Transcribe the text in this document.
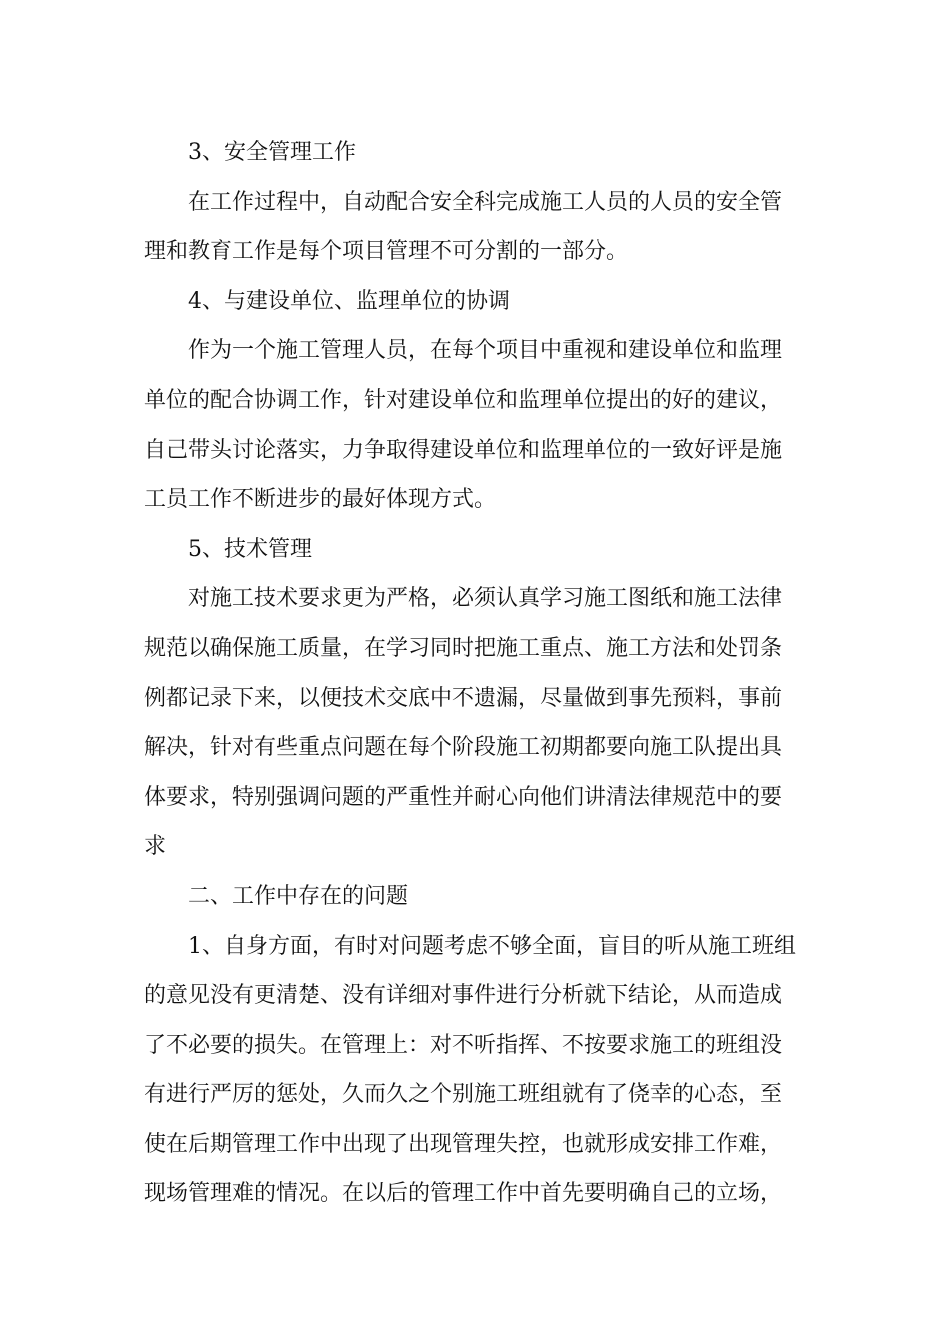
3、安全管理工作
在工作过程中，自动配合安全科完成施工人员的人员的安全管
理和教育工作是每个项目管理不可分割的一部分。
4、与建设单位、监理单位的协调
作为一个施工管理人员，在每个项目中重视和建设单位和监理
单位的配合协调工作，针对建设单位和监理单位提出的好的建议，
自己带头讨论落实，力争取得建设单位和监理单位的一致好评是施
工员工作不断进步的最好体现方式。
5、技术管理
对施工技术要求更为严格，必须认真学习施工图纸和施工法律
规范以确保施工质量，在学习同时把施工重点、施工方法和处罚条
例都记录下来，以便技术交底中不遗漏，尽量做到事先预料，事前
解决，针对有些重点问题在每个阶段施工初期都要向施工队提出具
体要求，特别强调问题的严重性并耐心向他们讲清法律规范中的要
求
二、工作中存在的问题
1、自身方面，有时对问题考虑不够全面，盲目的听从施工班组
的意见没有更清楚、没有详细对事件进行分析就下结论，从而造成
了不必要的损失。在管理上：对不听指挥、不按要求施工的班组没
有进行严厉的惩处，久而久之个别施工班组就有了侥幸的心态，至
使在后期管理工作中出现了出现管理失控，也就形成安排工作难，
现场管理难的情况。在以后的管理工作中首先要明确自己的立场，
